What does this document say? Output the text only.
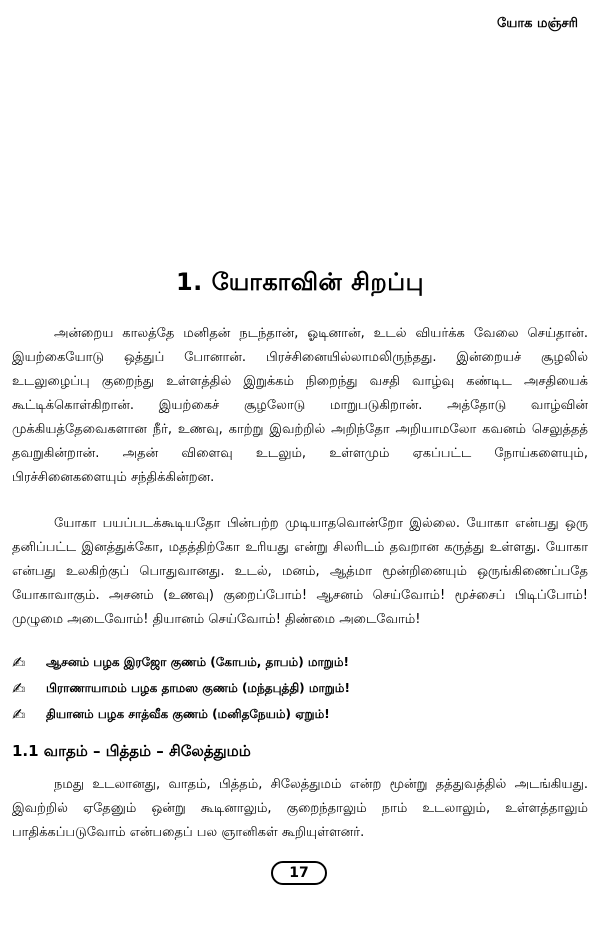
யோக மஞ்சரி
1. யோகாவின் சிறப்பு

அன்றைய காலத்தே மனிதன் நடந்தான், ஓடினான், உடல் வியர்க்க வேலை செய்தான். இயற்கையோடு ஒத்துப் போனான். பிரச்சினையில்லாமலிருந்தது. இன்றையச் சூழலில் உடலுழைப்பு குறைந்து உள்ளத்தில் இறுக்கம் நிறைந்து வசதி வாழ்வு கண்டிட அசதியைக் கூட்டிக்கொள்கிறான். இயற்கைச் சூழலோடு மாறுபடுகிறான். அத்தோடு வாழ்வின் முக்கியத்தேவைகளான நீர், உணவு, காற்று இவற்றில் அறிந்தோ அறியாமலோ கவனம் செலுத்தத் தவறுகின்றான். அதன் விளைவு உடலும், உள்ளமும் ஏகப்பட்ட நோய்களையும், பிரச்சினைகளையும் சந்திக்கின்றன.

யோகா பயப்படக்கூடியதோ பின்பற்ற முடியாதவொன்றோ இல்லை. யோகா என்பது ஒரு தனிப்பட்ட இனத்துக்கோ, மதத்திற்கோ உரியது என்று சிலரிடம் தவறான கருத்து உள்ளது. யோகா என்பது உலகிற்குப் பொதுவானது. உடல், மனம், ஆத்மா மூன்றினையும் ஒருங்கிணைப்பதே யோகாவாகும். அசனம் (உணவு) குறைப்போம்! ஆசனம் செய்வோம்! மூச்சைப் பிடிப்போம்! முழுமை அடைவோம்! தியானம் செய்வோம்! திண்மை அடைவோம்!

✍	ஆசனம் பழக இரஜோ குணம் (கோபம், தாபம்) மாறும்!
✍	பிராணாயாமம் பழக தாமஸ குணம் (மந்தபுத்தி) மாறும்!
✍	தியானம் பழக சாத்வீக குணம் (மனிதநேயம்) ஏறும்!
1.1 வாதம் – பித்தம் – சிலேத்துமம்

நமது உடலானது, வாதம், பித்தம், சிலேத்துமம் என்ற மூன்று தத்துவத்தில் அடங்கியது. இவற்றில் ஏதேனும் ஒன்று கூடினாலும், குறைந்தாலும் நாம் உடலாலும், உள்ளத்தாலும் பாதிக்கப்படுவோம் என்பதைப் பல ஞானிகள் கூறியுள்ளனர்.

17
